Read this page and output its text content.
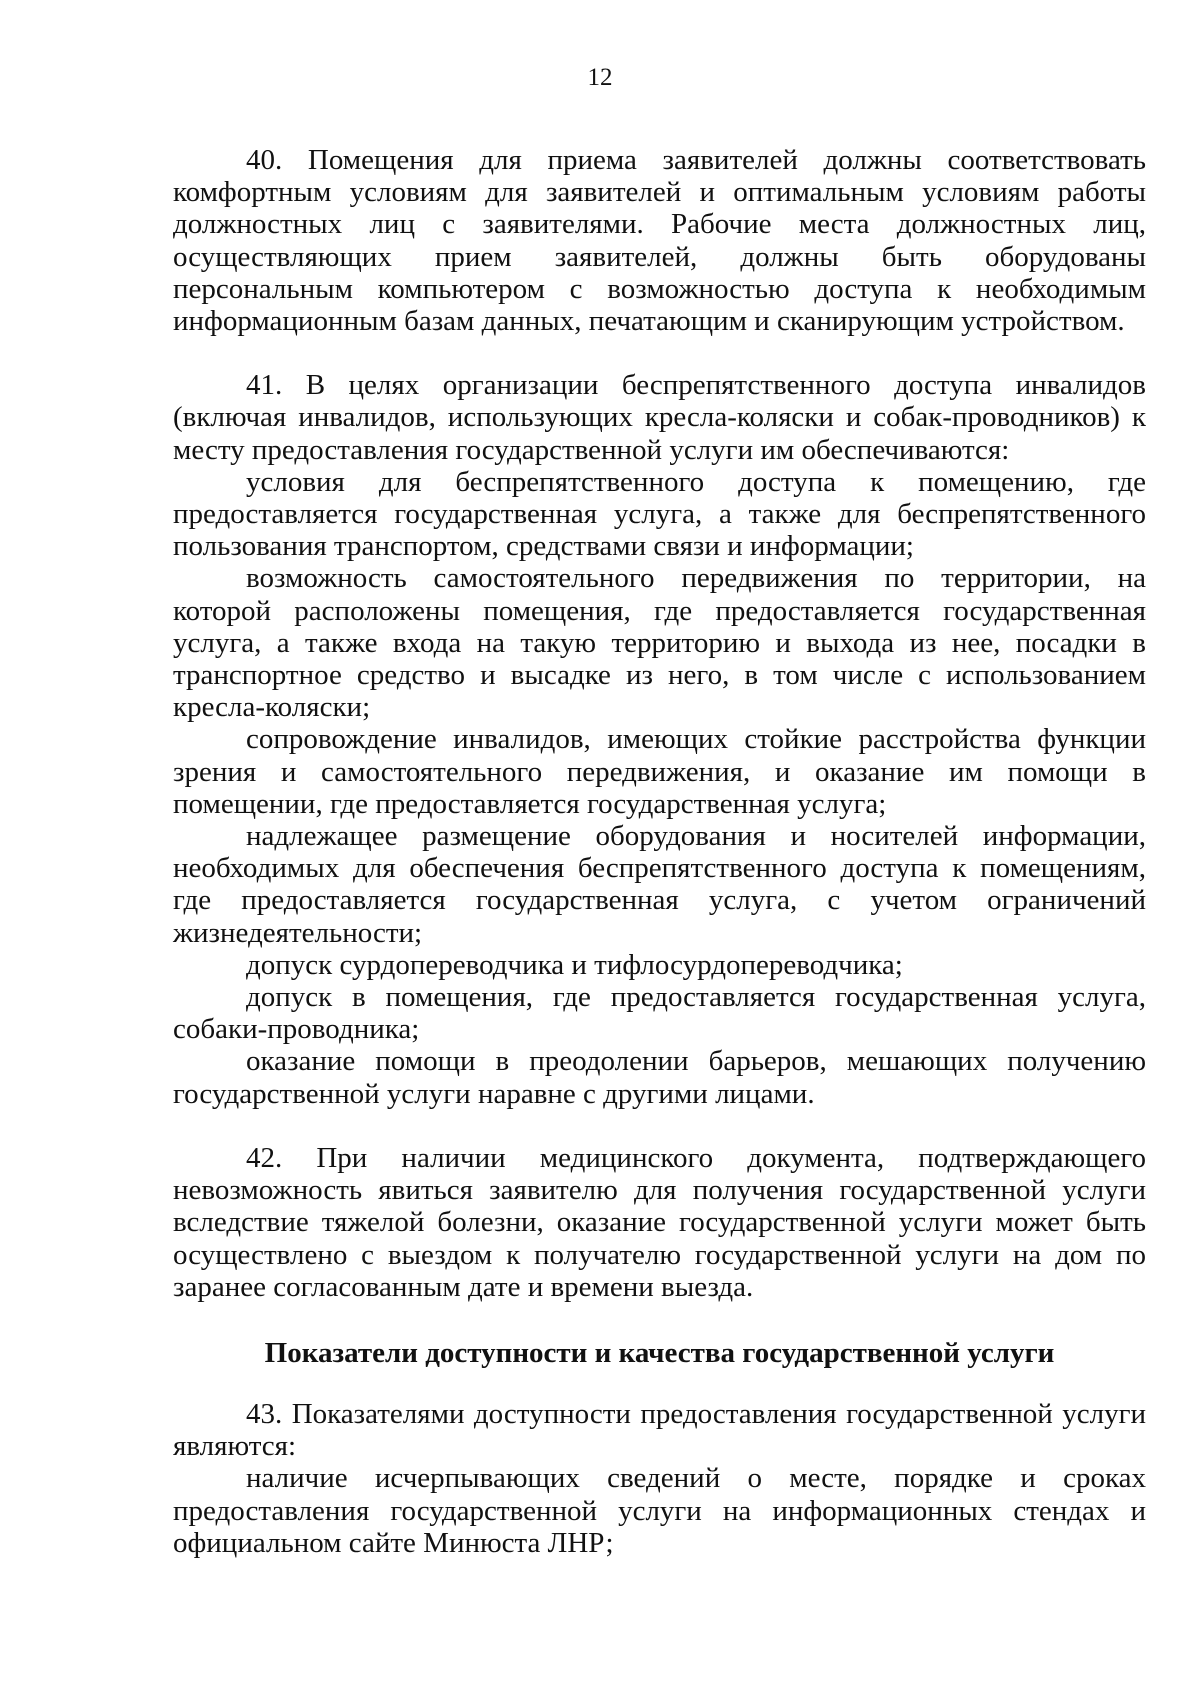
12

40. Помещения для приема заявителей должны соответствовать комфортным условиям для заявителей и оптимальным условиям работы должностных лиц с заявителями. Рабочие места должностных лиц, осуществляющих прием заявителей, должны быть оборудованы персональным компьютером с возможностью доступа к необходимым информационным базам данных, печатающим и сканирующим устройством.

41. В целях организации беспрепятственного доступа инвалидов (включая инвалидов, использующих кресла-коляски и собак-проводников) к месту предоставления государственной услуги им обеспечиваются:

условия для беспрепятственного доступа к помещению, где предоставляется государственная услуга, а также для беспрепятственного пользования транспортом, средствами связи и информации;

возможность самостоятельного передвижения по территории, на которой расположены помещения, где предоставляется государственная услуга, а также входа на такую территорию и выхода из нее, посадки в транспортное средство и высадке из него, в том числе с использованием кресла-коляски;

сопровождение инвалидов, имеющих стойкие расстройства функции зрения и самостоятельного передвижения, и оказание им помощи в помещении, где предоставляется государственная услуга;

надлежащее размещение оборудования и носителей информации, необходимых для обеспечения беспрепятственного доступа к помещениям, где предоставляется государственная услуга, с учетом ограничений жизнедеятельности;

допуск сурдопереводчика и тифлосурдопереводчика;

допуск в помещения, где предоставляется государственная услуга, собаки-проводника;

оказание помощи в преодолении барьеров, мешающих получению государственной услуги наравне с другими лицами.

42. При наличии медицинского документа, подтверждающего невозможность явиться заявителю для получения государственной услуги вследствие тяжелой болезни, оказание государственной услуги может быть осуществлено с выездом к получателю государственной услуги на дом по заранее согласованным дате и времени выезда.

Показатели доступности и качества государственной услуги

43. Показателями доступности предоставления государственной услуги являются:

наличие исчерпывающих сведений о месте, порядке и сроках предоставления государственной услуги на информационных стендах и официальном сайте Минюста ЛНР;
